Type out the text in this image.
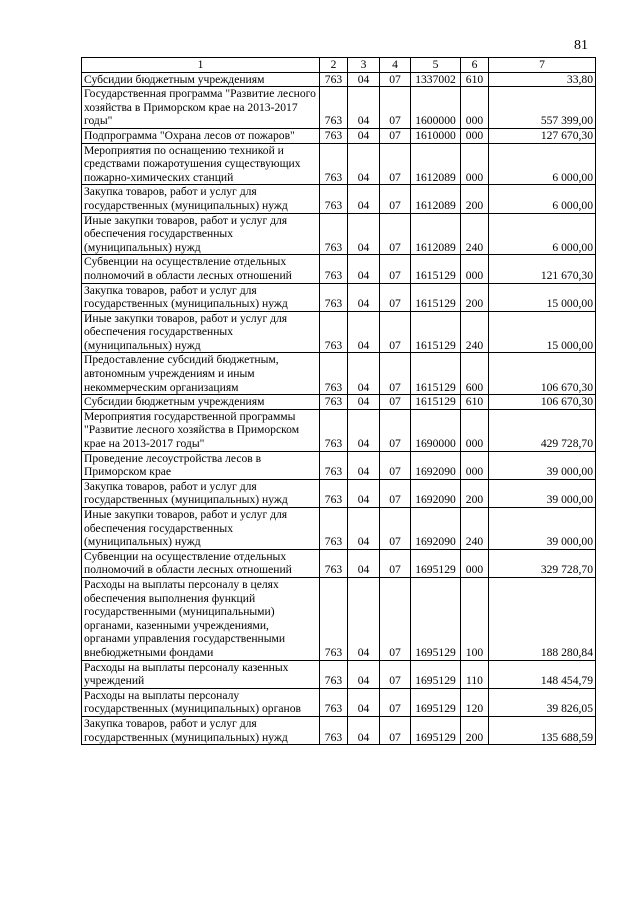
81
1	2	3	4	5	6	7
Субсидии бюджетным учреждениям	763	04	07	1337002	610	33,80
Государственная программа "Развитие лесного хозяйства в Приморском крае на 2013-2017 годы"	763	04	07	1600000	000	557 399,00
Подпрограмма "Охрана лесов от пожаров"	763	04	07	1610000	000	127 670,30
Мероприятия по оснащению техникой и средствами пожаротушения существующих пожарно-химических станций	763	04	07	1612089	000	6 000,00
Закупка товаров, работ и услуг для государственных (муниципальных) нужд	763	04	07	1612089	200	6 000,00
Иные закупки товаров, работ и услуг для обеспечения государственных (муниципальных) нужд	763	04	07	1612089	240	6 000,00
Субвенции на осуществление отдельных полномочий в области лесных отношений	763	04	07	1615129	000	121 670,30
Закупка товаров, работ и услуг для государственных (муниципальных) нужд	763	04	07	1615129	200	15 000,00
Иные закупки товаров, работ и услуг для обеспечения государственных (муниципальных) нужд	763	04	07	1615129	240	15 000,00
Предоставление субсидий бюджетным, автономным учреждениям и иным некоммерческим организациям	763	04	07	1615129	600	106 670,30
Субсидии бюджетным учреждениям	763	04	07	1615129	610	106 670,30
Мероприятия государственной программы "Развитие лесного хозяйства в Приморском крае на 2013-2017 годы"	763	04	07	1690000	000	429 728,70
Проведение лесоустройства лесов в Приморском крае	763	04	07	1692090	000	39 000,00
Закупка товаров, работ и услуг для государственных (муниципальных) нужд	763	04	07	1692090	200	39 000,00
Иные закупки товаров, работ и услуг для обеспечения государственных (муниципальных) нужд	763	04	07	1692090	240	39 000,00
Субвенции на осуществление отдельных полномочий в области лесных отношений	763	04	07	1695129	000	329 728,70
Расходы на выплаты персоналу в целях обеспечения выполнения функций государственными (муниципальными) органами, казенными учреждениями, органами управления государственными внебюджетными фондами	763	04	07	1695129	100	188 280,84
Расходы на выплаты персоналу казенных учреждений	763	04	07	1695129	110	148 454,79
Расходы на выплаты персоналу государственных (муниципальных) органов	763	04	07	1695129	120	39 826,05
Закупка товаров, работ и услуг для государственных (муниципальных) нужд	763	04	07	1695129	200	135 688,59
